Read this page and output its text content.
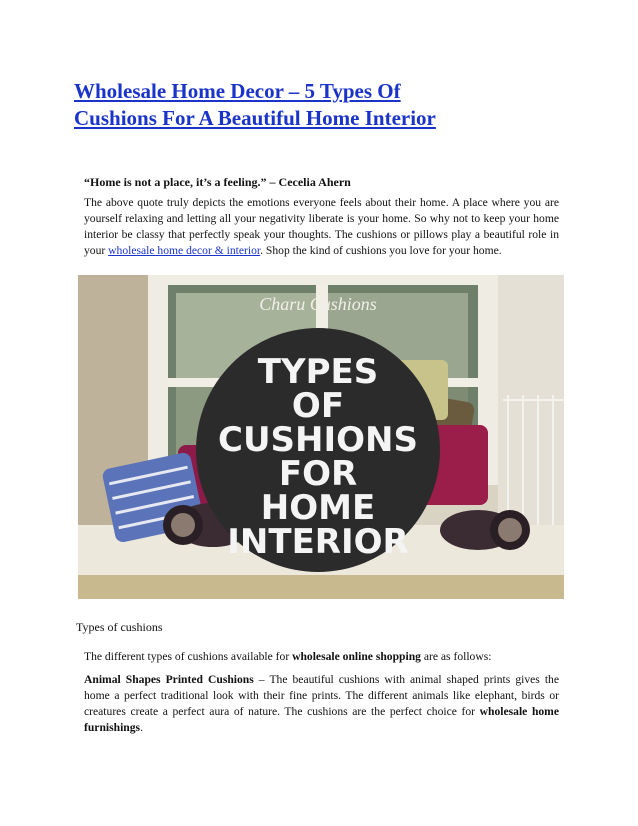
Wholesale Home Decor – 5 Types Of
Cushions For A Beautiful Home Interior

“Home is not a place, it’s a feeling.” – Cecelia Ahern

The above quote truly depicts the emotions everyone feels about their home. A place where you are yourself relaxing and letting all your negativity liberate is your home. So why not to keep your home interior be classy that perfectly speak your thoughts. The cushions or pillows play a beautiful role in your wholesale home decor & interior. Shop the kind of cushions you love for your home.

Charu Cushions
TYPES
OF
CUSHIONS
FOR
HOME
INTERIOR

Types of cushions

The different types of cushions available for wholesale online shopping are as follows:

Animal Shapes Printed Cushions – The beautiful cushions with animal shaped prints gives the home a perfect traditional look with their fine prints. The different animals like elephant, birds or creatures create a perfect aura of nature. The cushions are the perfect choice for wholesale home furnishings.
